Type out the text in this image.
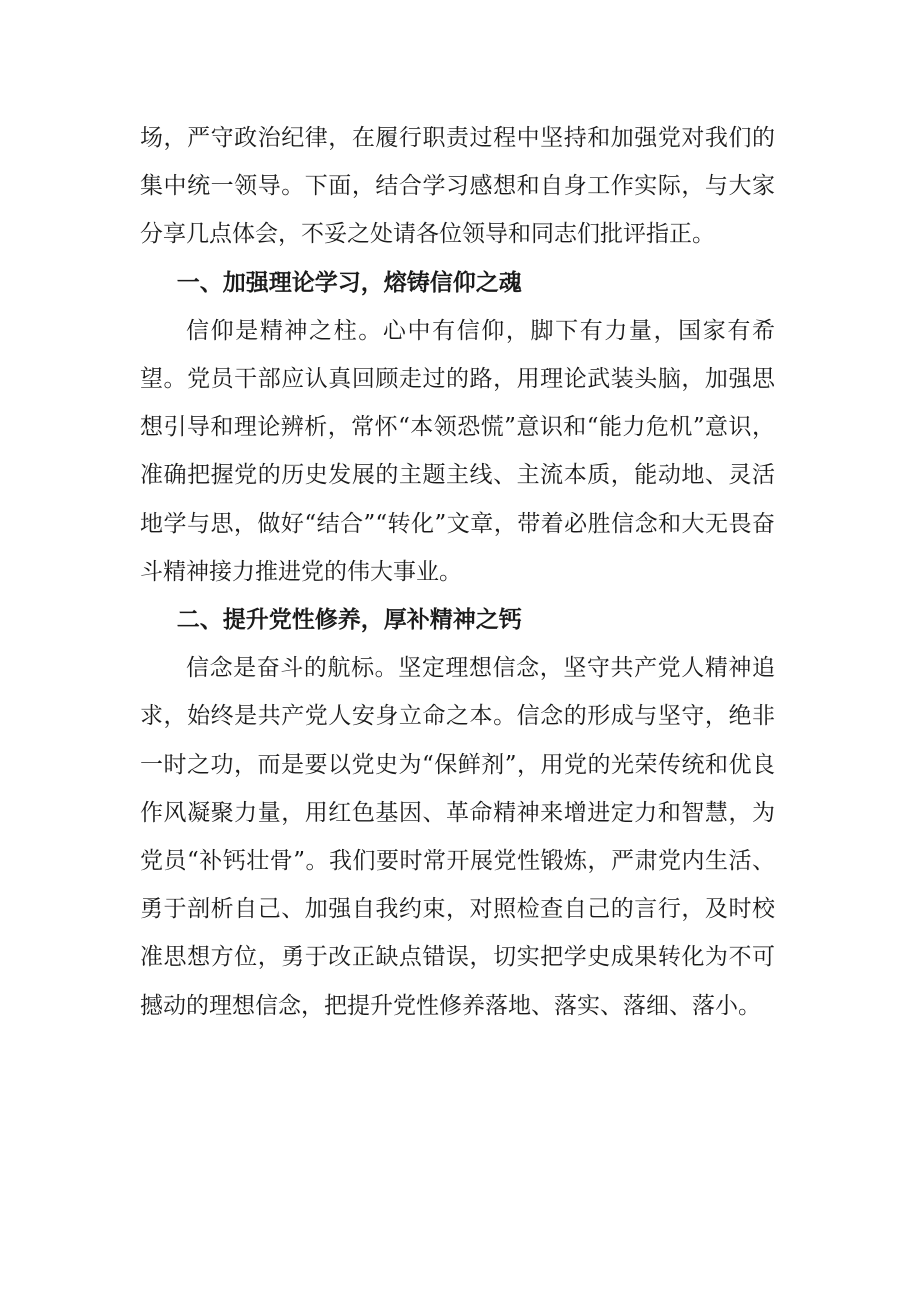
场，严守政治纪律，在履行职责过程中坚持和加强党对我们的集中统一领导。下面，结合学习感想和自身工作实际，与大家分享几点体会，不妥之处请各位领导和同志们批评指正。

一、加强理论学习，熔铸信仰之魂

信仰是精神之柱。心中有信仰，脚下有力量，国家有希望。党员干部应认真回顾走过的路，用理论武装头脑，加强思想引导和理论辨析，常怀“本领恐慌”意识和“能力危机”意识，准确把握党的历史发展的主题主线、主流本质，能动地、灵活地学与思，做好“结合”“转化”文章，带着必胜信念和大无畏奋斗精神接力推进党的伟大事业。

二、提升党性修养，厚补精神之钙

信念是奋斗的航标。坚定理想信念，坚守共产党人精神追求，始终是共产党人安身立命之本。信念的形成与坚守，绝非一时之功，而是要以党史为“保鲜剂”，用党的光荣传统和优良作风凝聚力量，用红色基因、革命精神来增进定力和智慧，为党员“补钙壮骨”。我们要时常开展党性锻炼，严肃党内生活、勇于剖析自己、加强自我约束，对照检查自己的言行，及时校准思想方位，勇于改正缺点错误，切实把学史成果转化为不可撼动的理想信念，把提升党性修养落地、落实、落细、落小。
